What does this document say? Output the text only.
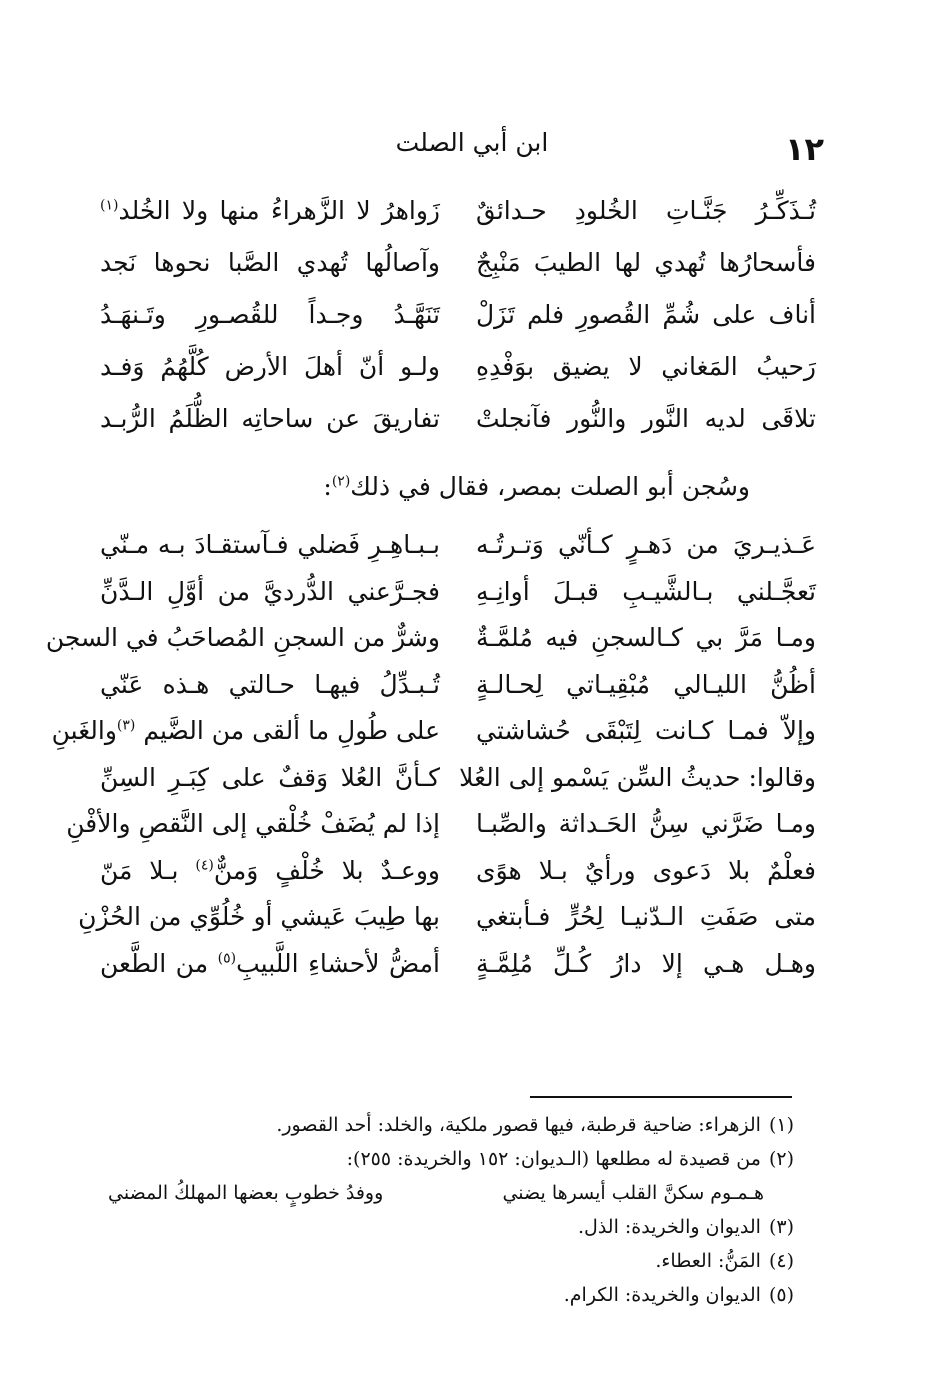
١٢
ابن أبي الصلت
تُـذَكِّـرُ جَنَّـاتِ الخُلودِ حـدائقٌ
زَواهرُ لا الزَّهراءُ منها ولا الخُلد$^{(١)}$
فأسحارُها تُهدي لها الطيبَ مَنْبِجٌ
وآصالُها تُهدي الصَّبا نحوها نَجد
أناف على شُمِّ القُصورِ فلم تَزَلْ
تَنَهَّـدُ وجـداً للقُصـورِ وتَـنهَـدُ
رَحيبُ المَغاني لا يضيق بوَفْدِهِ
ولـو أنّ أهلَ الأرض كُلَّهُمُ وَفـد
تلاقَى لديه النَّور والنُّور فآنجلتْ
تفاريقَ عن ساحاتِه الظُّلَمُ الرُّبـد
وسُجن أبو الصلت بمصر، فقال في ذلك$^{(٢)}$:
عَـذيـريَ من دَهـرٍ كـأنّي وَتـرتُـه
بـبـاهِـرِ فَضلي فـآستقـادَ بـه مـنّي
تَعجَّـلني بـالشَّيـبِ قبـلَ أوانِـهِ
فجـرَّعني الدُّرديَّ من أوَّلِ الـدَّنِّ
ومـا مَرَّ بي كـالسجنِ فيه مُلمَّـةٌ
وشرٌّ من السجنِ المُصاحَبُ في السجن
أظُنُّ الليـالي مُبْقِيـاتي لِحـالـةٍ
تُـبـدِّلُ فيهـا حـالتي هـذه عَنّي
وإلاّ فمـا كـانت لِتَبْقَى حُشاشتي
على طُولِ ما ألقى من الضَّيم $^{(٣)}$والغَبنِ
وقالوا: حديثُ السِّن يَسْمو إلى العُلا
كـأنَّ العُلا وَقفٌ على كِبَـرِ السِنِّ
ومـا ضَرَّني سِنُّ الحَـداثة والصِّبـا
إذا لم يُضَفْ خُلْقي إلى النَّقصِ والأفْنِ
فعلْمٌ بلا دَعوى ورأيٌ بـلا هوًى
ووعـدٌ بلا خُلْفٍ وَمنٌّ$^{(٤)}$ بـلا مَنّ
متى صَفَتِ الـدّنيـا لِحُرٍّ فـأبتغي
بها طِيبَ عَيشي أو خُلُوِّي من الحُزْنِ
وهـل هـي إلا دارُ كُـلِّ مُلِمَّـةٍ
أمضُّ لأحشاءِ اللَّبيبِ$^{(٥)}$ من الطَّعن
(١)الزهراء: ضاحية قرطبة، فيها قصور ملكية، والخلد: أحد القصور.
(٢)من قصيدة له مطلعها (الـديوان: ١٥٢ والخريدة: ٢٥٥):
هـمـوم سكنَّ القلب أيسرها يضني
ووفدُ خطوبٍ بعضها المهلكُ المضني
(٣)الديوان والخريدة: الذل.
(٤)المَنُّ: العطاء.
(٥)الديوان والخريدة: الكرام.
